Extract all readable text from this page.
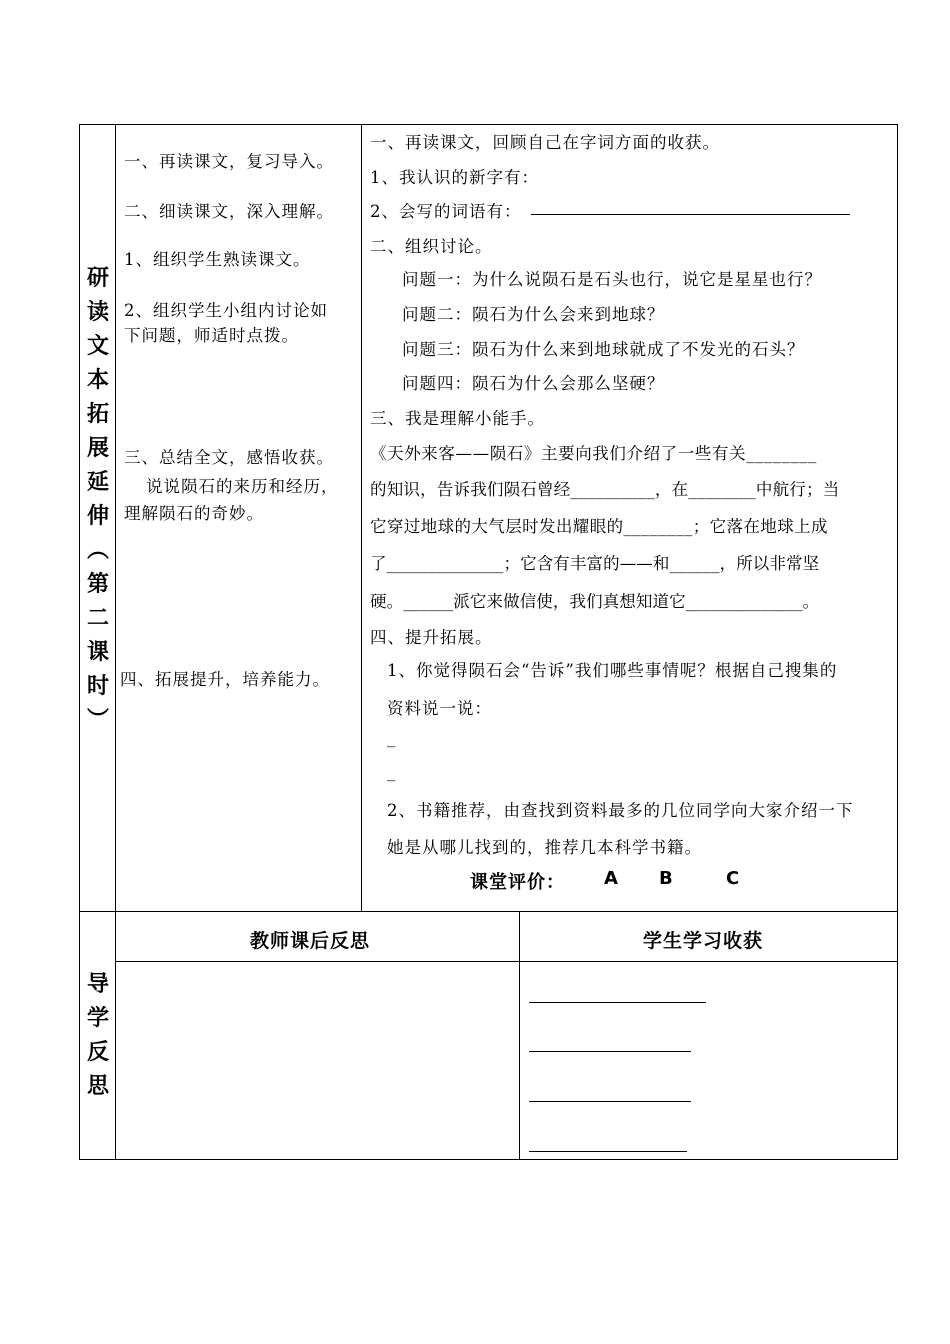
研
读
文
本
拓
展
延
伸
︵
第
二
课
时
︶
一、再读课文，复习导入。
二、细读课文，深入理解。
1、组织学生熟读课文。
2、组织学生小组内讨论如
下问题，师适时点拨。
三、总结全文，感悟收获。
说说陨石的来历和经历，
理解陨石的奇妙。
四、拓展提升，培养能力。
一、再读课文，回顾自己在字词方面的收获。
1、我认识的新字有：
2、会写的词语有：
二、组织讨论。
问题一：为什么说陨石是石头也行，说它是星星也行？
问题二：陨石为什么会来到地球？
问题三：陨石为什么来到地球就成了不发光的石头？
问题四：陨石为什么会那么坚硬？
三、我是理解小能手。
《天外来客——陨石》主要向我们介绍了一些有关________
的知识，告诉我们陨石曾经__________，在________中航行；当
它穿过地球的大气层时发出耀眼的________；它落在地球上成
了______________；它含有丰富的——和______，所以非常坚
硬。______派它来做信使，我们真想知道它______________。
四、提升拓展。
1、你觉得陨石会“告诉”我们哪些事情呢？根据自己搜集的
资料说一说：
_
_
2、书籍推荐，由查找到资料最多的几位同学向大家介绍一下
她是从哪儿找到的，推荐几本科学书籍。
课堂评价： A B	C
导
学
反
思
教师课后反思	学生学习收获
